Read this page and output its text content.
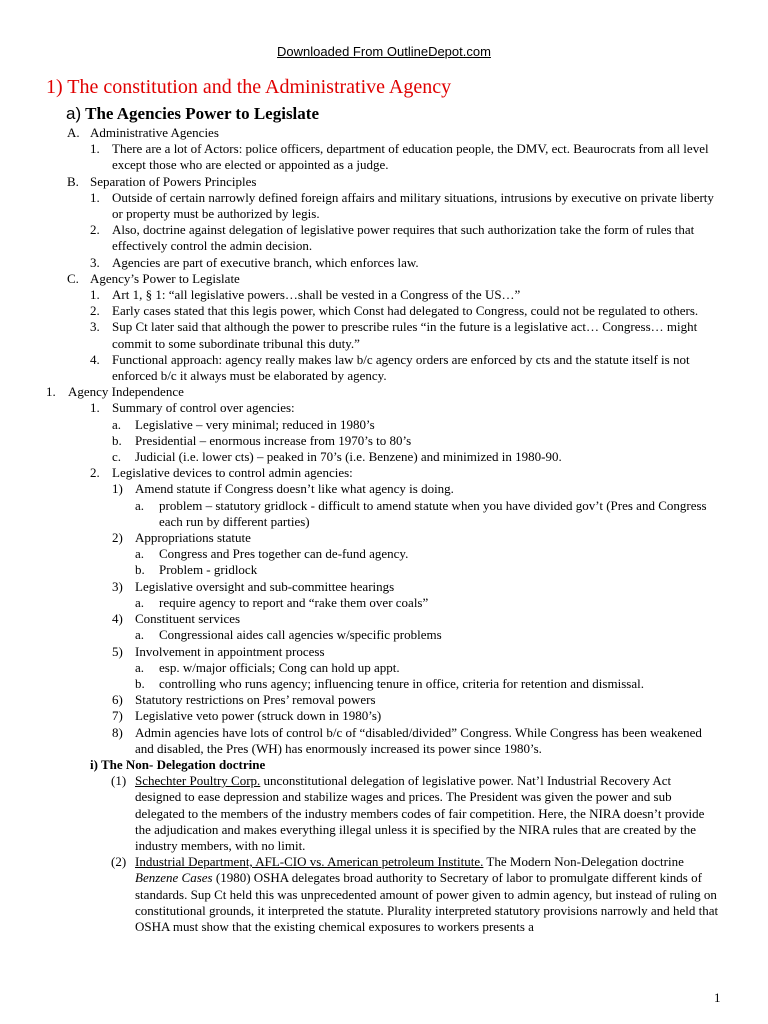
Downloaded From OutlineDepot.com
1) The constitution and the Administrative Agency
a) The Agencies Power to Legislate
A. Administrative Agencies
1. There are a lot of Actors: police officers, department of education people, the DMV, ect. Beaurocrats from all level except those who are elected or appointed as a judge.
B. Separation of Powers Principles
1. Outside of certain narrowly defined foreign affairs and military situations, intrusions by executive on private liberty or property must be authorized by legis.
2. Also, doctrine against delegation of legislative power requires that such authorization take the form of rules that effectively control the admin decision.
3. Agencies are part of executive branch, which enforces law.
C. Agency’s Power to Legislate
1. Art 1, § 1: “all legislative powers…shall be vested in a Congress of the US…”
2. Early cases stated that this legis power, which Const had delegated to Congress, could not be regulated to others.
3. Sup Ct later said that although the power to prescribe rules “in the future is a legislative act… Congress… might commit to some subordinate tribunal this duty.”
4. Functional approach: agency really makes law b/c agency orders are enforced by cts and the statute itself is not enforced b/c it always must be elaborated by agency.
1. Agency Independence
1. Summary of control over agencies:
a. Legislative – very minimal; reduced in 1980’s
b. Presidential – enormous increase from 1970’s to 80’s
c. Judicial (i.e. lower cts) – peaked in 70’s (i.e. Benzene) and minimized in 1980-90.
2. Legislative devices to control admin agencies:
1) Amend statute if Congress doesn’t like what agency is doing.
a. problem – statutory gridlock - difficult to amend statute when you have divided gov’t (Pres and Congress each run by different parties)
2) Appropriations statute
a. Congress and Pres together can de-fund agency.
b. Problem - gridlock
3) Legislative oversight and sub-committee hearings
a. require agency to report and “rake them over coals”
4) Constituent services
a. Congressional aides call agencies w/specific problems
5) Involvement in appointment process
a. esp. w/major officials; Cong can hold up appt.
b. controlling who runs agency; influencing tenure in office, criteria for retention and dismissal.
6) Statutory restrictions on Pres’ removal powers
7) Legislative veto power (struck down in 1980’s)
8) Admin agencies have lots of control b/c of “disabled/divided” Congress. While Congress has been weakened and disabled, the Pres (WH) has enormously increased its power since 1980’s.
i) The Non- Delegation doctrine
(1) Schechter Poultry Corp. unconstitutional delegation of legislative power. Nat’l Industrial Recovery Act designed to ease depression and stabilize wages and prices. The President was given the power and sub delegated to the members of the industry members codes of fair competition. Here, the NIRA doesn’t provide the adjudication and makes everything illegal unless it is specified by the NIRA rules that are created by the industry members, with no limit.
(2) Industrial Department, AFL-CIO vs. American petroleum Institute. The Modern Non-Delegation doctrine Benzene Cases (1980) OSHA delegates broad authority to Secretary of labor to promulgate different kinds of standards. Sup Ct held this was unprecedented amount of power given to admin agency, but instead of ruling on constitutional grounds, it interpreted the statute. Plurality interpreted statutory provisions narrowly and held that OSHA must show that the existing chemical exposures to workers presents a
1
